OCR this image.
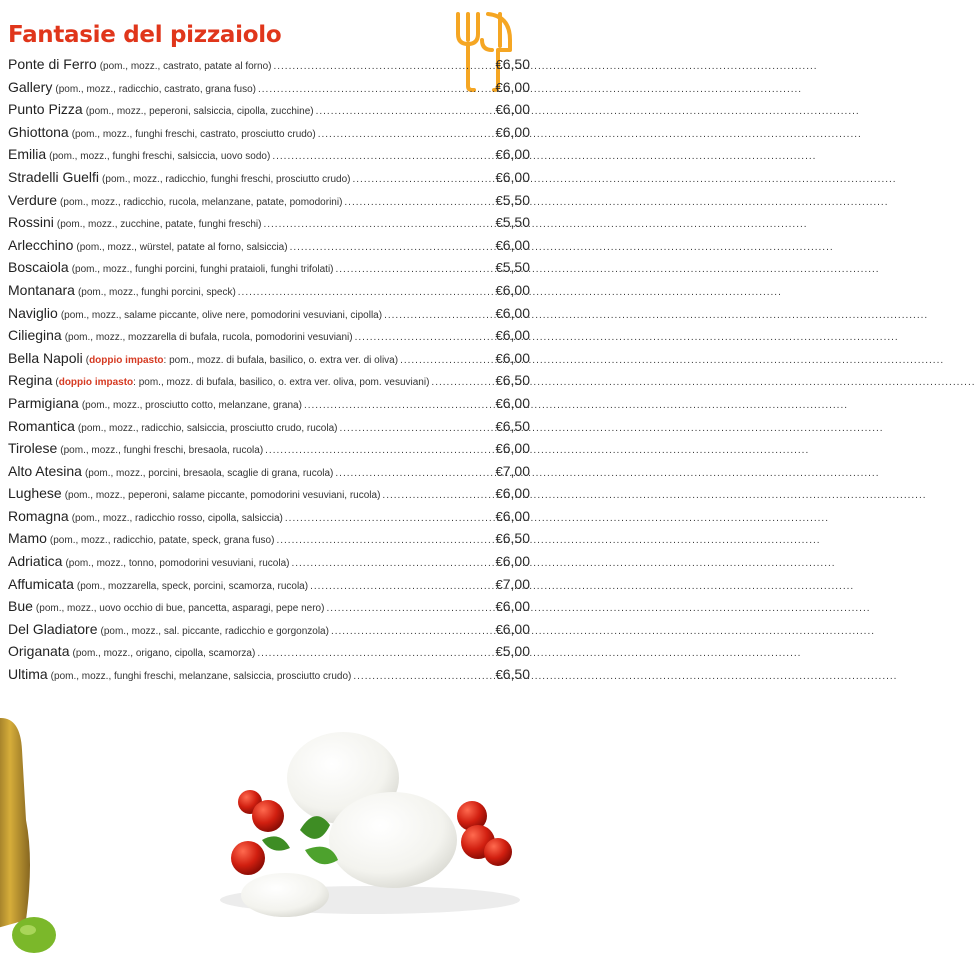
Fantasie del pizzaiolo
Ponte di Ferro (pom., mozz., castrato, patate al forno) .....	€ 6,50
Gallery (pom., mozz., radicchio, castrato, grana fuso) .....	€ 6,00
Punto Pizza (pom., mozz., peperoni, salsiccia, cipolla, zucchine) .....	€ 6,00
Ghiottona (pom., mozz., funghi freschi, castrato, prosciutto crudo) .....	€ 6,00
Emilia (pom., mozz., funghi freschi, salsiccia, uovo sodo) .....	€ 6,00
Stradelli Guelfi (pom., mozz., radicchio, funghi freschi, prosciutto crudo) .....	€ 6,00
Verdure (pom., mozz., radicchio, rucola, melanzane, patate, pomodorini) .....	€ 5,50
Rossini (pom., mozz., zucchine, patate, funghi freschi) .....	€ 5,50
Arlecchino (pom., mozz., würstel, patate al forno, salsiccia) .....	€ 6,00
Boscaiola (pom., mozz., funghi porcini, funghi prataioli, funghi trifolati) .....	€ 5,50
Montanara (pom., mozz., funghi porcini, speck) .....	€ 6,00
Naviglio (pom., mozz., salame piccante, olive nere, pomodorini vesuviani, cipolla) .....	€ 6,00
Ciliegina (pom., mozz., mozzarella di bufala, rucola, pomodorini vesuviani) .....	€ 6,00
Bella Napoli (doppio impasto: pom., mozz. di bufala, basilico, o. extra ver. di oliva) .....	€ 6,00
Regina (doppio impasto: pom., mozz. di bufala, basilico, o. extra ver. oliva, pom. vesuviani) .....	€ 6,50
Parmigiana (pom., mozz., prosciutto cotto, melanzane, grana) .....	€ 6,00
Romantica (pom., mozz., radicchio, salsiccia, prosciutto crudo, rucola) .....	€ 6,50
Tirolese (pom., mozz., funghi freschi, bresaola, rucola) .....	€ 6,00
Alto Atesina (pom., mozz., porcini, bresaola, scaglie di grana, rucola) .....	€ 7,00
Lughese (pom., mozz., peperoni, salame piccante, pomodorini vesuviani, rucola) .....	€ 6,00
Romagna (pom., mozz., radicchio rosso, cipolla, salsiccia) .....	€ 6,00
Mamo (pom., mozz., radicchio, patate, speck, grana fuso) .....	€ 6,50
Adriatica (pom., mozz., tonno, pomodorini vesuviani, rucola) .....	€ 6,00
Affumicata (pom., mozzarella, speck, porcini, scamorza, rucola) .....	€ 7,00
Bue (pom., mozz., uovo occhio di bue, pancetta, asparagi, pepe nero) .....	€ 6,00
Del Gladiatore (pom., mozz., sal. piccante, radicchio e gorgonzola) .....	€ 6,00
Origanata (pom., mozz., origano, cipolla, scamorza) .....	€ 5,00
Ultima (pom., mozz., funghi freschi, melanzane, salsiccia, prosciutto crudo) .....	€ 6,50
